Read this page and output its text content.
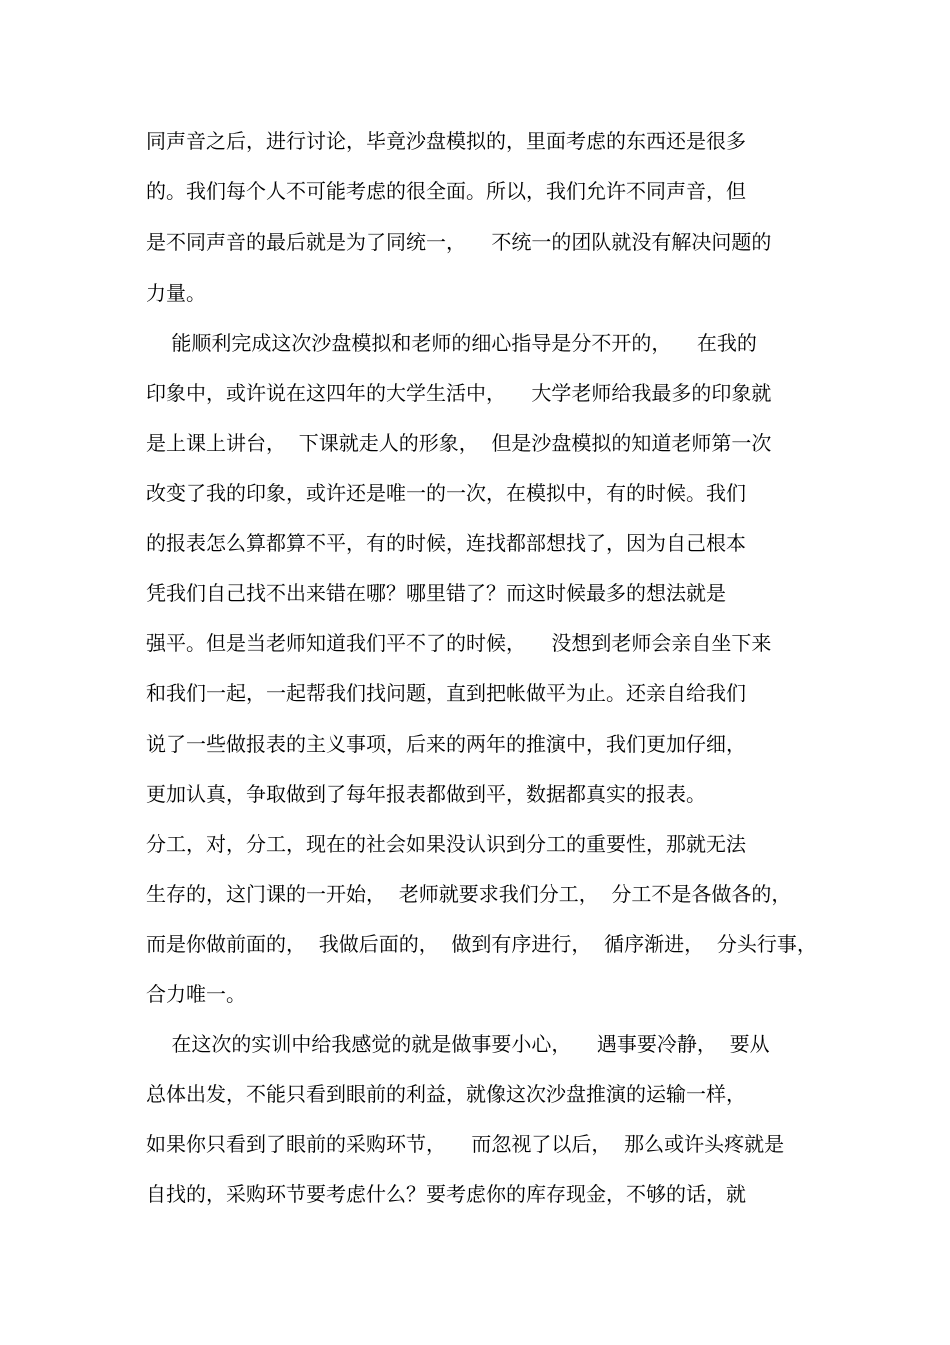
同声音之后，进行讨论，毕竟沙盘模拟的，里面考虑的东西还是很多
的。我们每个人不可能考虑的很全面。所以，我们允许不同声音，但
是不同声音的最后就是为了同统一，    不统一的团队就没有解决问题的
力量。
能顺利完成这次沙盘模拟和老师的细心指导是分不开的，    在我的
印象中，或许说在这四年的大学生活中，    大学老师给我最多的印象就
是上课上讲台，  下课就走人的形象，  但是沙盘模拟的知道老师第一次
改变了我的印象，或许还是唯一的一次，在模拟中，有的时候。我们
的报表怎么算都算不平，有的时候，连找都部想找了，因为自己根本
凭我们自己找不出来错在哪？哪里错了？而这时候最多的想法就是
强平。但是当老师知道我们平不了的时候，    没想到老师会亲自坐下来
和我们一起，一起帮我们找问题，直到把帐做平为止。还亲自给我们
说了一些做报表的主义事项，后来的两年的推演中，我们更加仔细，
更加认真，争取做到了每年报表都做到平，数据都真实的报表。
分工，对，分工，现在的社会如果没认识到分工的重要性，那就无法
生存的，这门课的一开始，  老师就要求我们分工，  分工不是各做各的，
而是你做前面的，  我做后面的，  做到有序进行，  循序渐进，  分头行事，
合力唯一。
在这次的实训中给我感觉的就是做事要小心，    遇事要冷静，  要从
总体出发，不能只看到眼前的利益，就像这次沙盘推演的运输一样，
如果你只看到了眼前的采购环节，    而忽视了以后，  那么或许头疼就是
自找的，采购环节要考虑什么？要考虑你的库存现金，不够的话，就
